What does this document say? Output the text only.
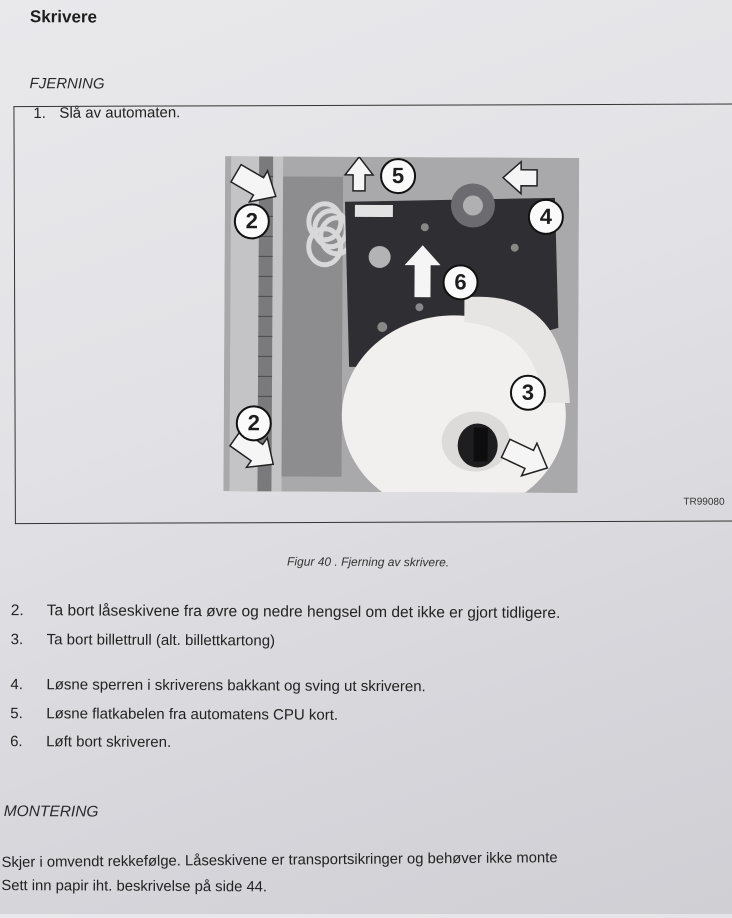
Skrivere
FJERNING
1. Slå av automaten.
2
5
4
6
3
2
TR99080
Figur 40 . Fjerning av skrivere.
2. Ta bort låseskivene fra øvre og nedre hengsel om det ikke er gjort tidligere.
3. Ta bort billettrull (alt. billettkartong)
4. Løsne sperren i skriverens bakkant og sving ut skriveren.
5. Løsne flatkabelen fra automatens CPU kort.
6. Løft bort skriveren.
MONTERING
Skjer i omvendt rekkefølge. Låseskivene er transportsikringer og behøver ikke monte
Sett inn papir iht. beskrivelse på side 44.
